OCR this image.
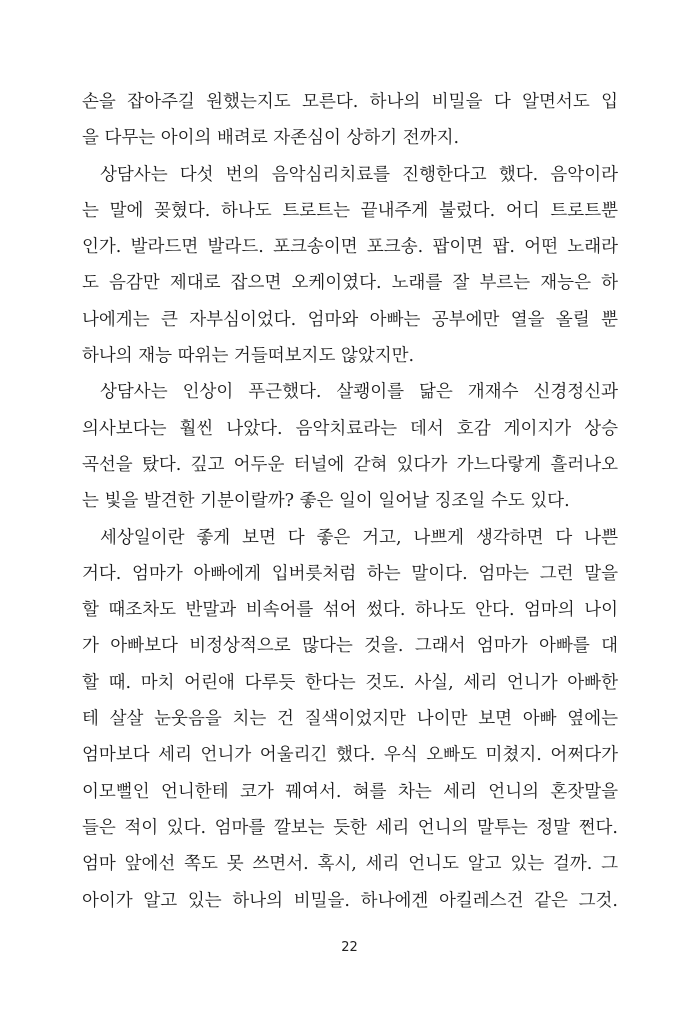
손을 잡아주길 원했는지도 모른다. 하나의 비밀을 다 알면서도 입
을 다무는 아이의 배려로 자존심이 상하기 전까지.
상담사는 다섯 번의 음악심리치료를 진행한다고 했다. 음악이라
는 말에 꽂혔다. 하나도 트로트는 끝내주게 불렀다. 어디 트로트뿐
인가. 발라드면 발라드. 포크송이면 포크송. 팝이면 팝. 어떤 노래라
도 음감만 제대로 잡으면 오케이였다. 노래를 잘 부르는 재능은 하
나에게는 큰 자부심이었다. 엄마와 아빠는 공부에만 열을 올릴 뿐
하나의 재능 따위는 거들떠보지도 않았지만.
상담사는 인상이 푸근했다. 살쾡이를 닮은 개재수 신경정신과
의사보다는 훨씬 나았다. 음악치료라는 데서 호감 게이지가 상승
곡선을 탔다. 깊고 어두운 터널에 갇혀 있다가 가느다랗게 흘러나오
는 빛을 발견한 기분이랄까? 좋은 일이 일어날 징조일 수도 있다.
세상일이란 좋게 보면 다 좋은 거고, 나쁘게 생각하면 다 나쁜
거다. 엄마가 아빠에게 입버릇처럼 하는 말이다. 엄마는 그런 말을
할 때조차도 반말과 비속어를 섞어 썼다. 하나도 안다. 엄마의 나이
가 아빠보다 비정상적으로 많다는 것을. 그래서 엄마가 아빠를 대
할 때. 마치 어린애 다루듯 한다는 것도. 사실, 세리 언니가 아빠한
테 살살 눈웃음을 치는 건 질색이었지만 나이만 보면 아빠 옆에는
엄마보다 세리 언니가 어울리긴 했다. 우식 오빠도 미쳤지. 어쩌다가
이모뻘인 언니한테 코가 꿰여서. 혀를 차는 세리 언니의 혼잣말을
들은 적이 있다. 엄마를 깔보는 듯한 세리 언니의 말투는 정말 쩐다.
엄마 앞에선 쪽도 못 쓰면서. 혹시, 세리 언니도 알고 있는 걸까. 그
아이가 알고 있는 하나의 비밀을. 하나에겐 아킬레스건 같은 그것.
22
